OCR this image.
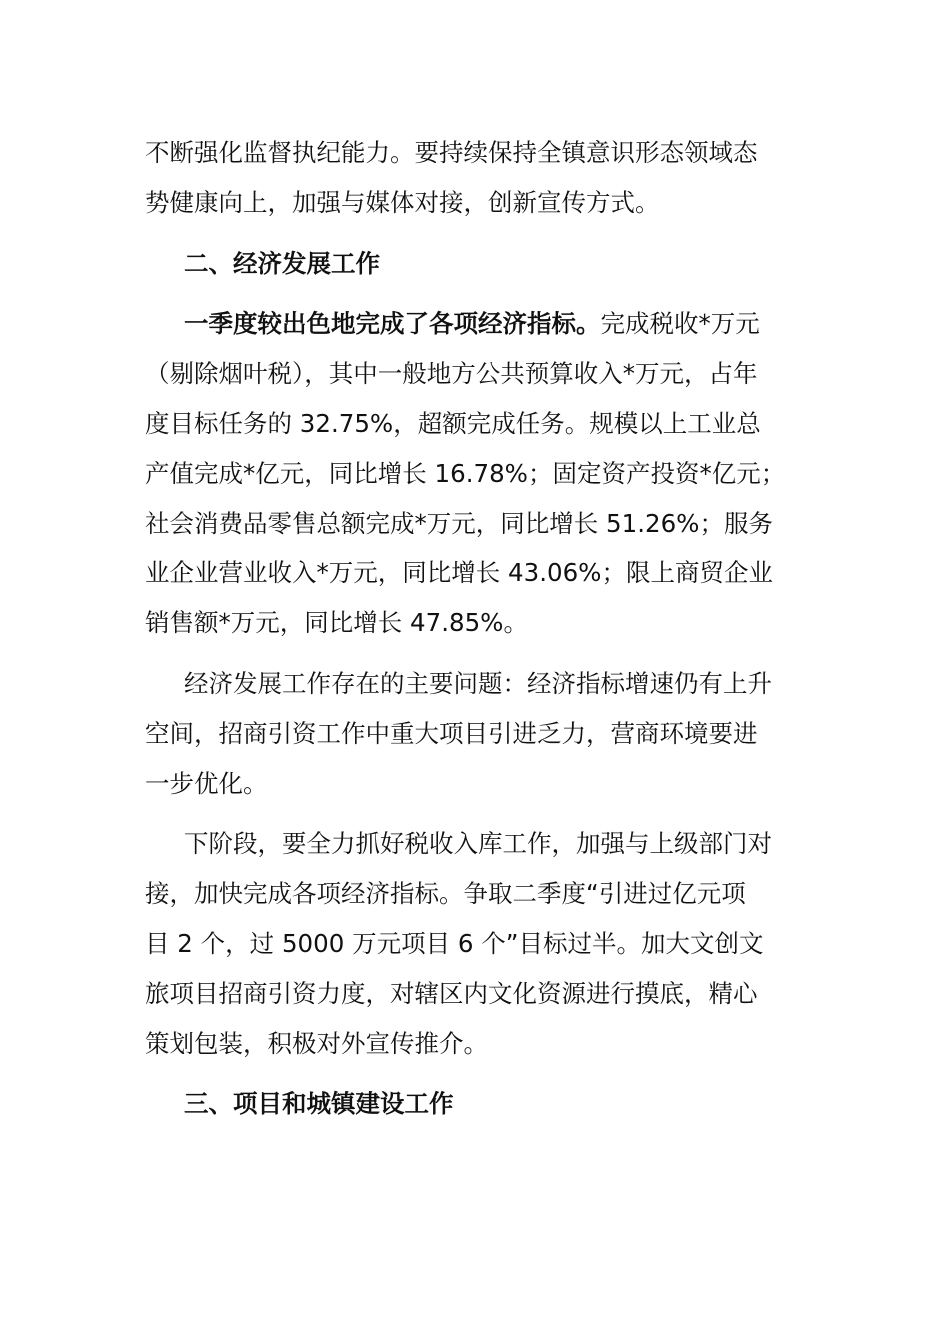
不断强化监督执纪能力。要持续保持全镇意识形态领域态
势健康向上，加强与媒体对接，创新宣传方式。
二、经济发展工作
一季度较出色地完成了各项经济指标。完成税收*万元
（剔除烟叶税），其中一般地方公共预算收入*万元，占年
度目标任务的 32.75%，超额完成任务。规模以上工业总
产值完成*亿元，同比增长 16.78%；固定资产投资*亿元；
社会消费品零售总额完成*万元，同比增长 51.26%；服务
业企业营业收入*万元，同比增长 43.06%；限上商贸企业
销售额*万元，同比增长 47.85%。
经济发展工作存在的主要问题：经济指标增速仍有上升
空间，招商引资工作中重大项目引进乏力，营商环境要进
一步优化。
下阶段，要全力抓好税收入库工作，加强与上级部门对
接，加快完成各项经济指标。争取二季度“引进过亿元项
目 2 个，过 5000 万元项目 6 个”目标过半。加大文创文
旅项目招商引资力度，对辖区内文化资源进行摸底，精心
策划包装，积极对外宣传推介。
三、项目和城镇建设工作
